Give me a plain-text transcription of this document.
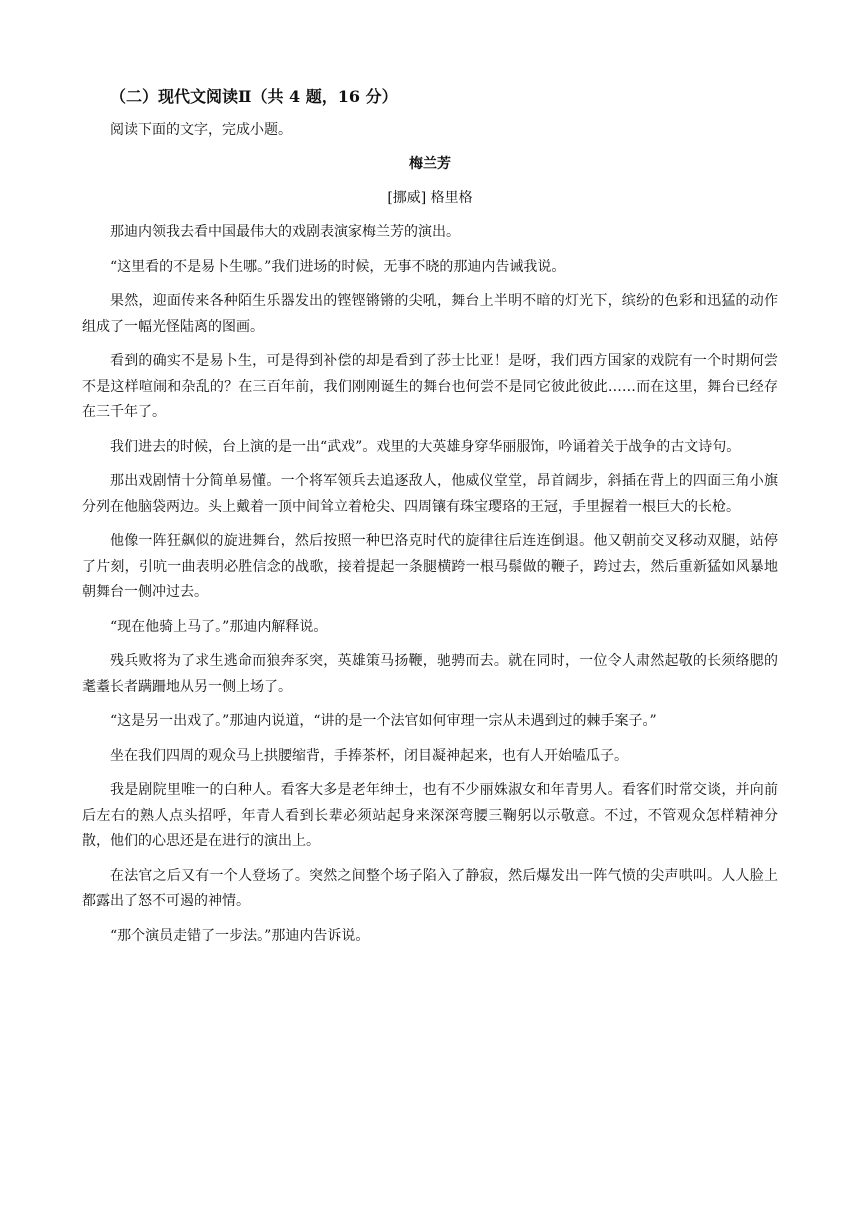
（二）现代文阅读Ⅱ（共 4 题，16 分）
阅读下面的文字，完成小题。
梅兰芳
[挪威] 格里格

那迪内领我去看中国最伟大的戏剧表演家梅兰芳的演出。

“这里看的不是易卜生哪。”我们进场的时候，无事不晓的那迪内告诫我说。

果然，迎面传来各种陌生乐器发出的铿铿锵锵的尖吼，舞台上半明不暗的灯光下，缤纷的色彩和迅猛的动作组成了一幅光怪陆离的图画。

看到的确实不是易卜生，可是得到补偿的却是看到了莎士比亚！是呀，我们西方国家的戏院有一个时期何尝不是这样喧闹和杂乱的？在三百年前，我们刚刚诞生的舞台也何尝不是同它彼此彼此……而在这里，舞台已经存在三千年了。

我们进去的时候，台上演的是一出“武戏”。戏里的大英雄身穿华丽服饰，吟诵着关于战争的古文诗句。

那出戏剧情十分简单易懂。一个将军领兵去追逐敌人，他威仪堂堂，昂首阔步，斜插在背上的四面三角小旗分列在他脑袋两边。头上戴着一顶中间耸立着枪尖、四周镶有珠宝璎珞的王冠，手里握着一根巨大的长枪。

他像一阵狂飙似的旋进舞台，然后按照一种巴洛克时代的旋律往后连连倒退。他又朝前交叉移动双腿，站停了片刻，引吭一曲表明必胜信念的战歌，接着提起一条腿横跨一根马鬃做的鞭子，跨过去，然后重新猛如风暴地朝舞台一侧冲过去。

“现在他骑上马了。”那迪内解释说。

残兵败将为了求生逃命而狼奔豕突，英雄策马扬鞭，驰骋而去。就在同时，一位令人肃然起敬的长须络腮的耄耋长者蹒跚地从另一侧上场了。

“这是另一出戏了。”那迪内说道，“讲的是一个法官如何审理一宗从未遇到过的棘手案子。”

坐在我们四周的观众马上拱腰缩背，手捧茶杯，闭目凝神起来，也有人开始嗑瓜子。

我是剧院里唯一的白种人。看客大多是老年绅士，也有不少丽姝淑女和年青男人。看客们时常交谈，并向前后左右的熟人点头招呼，年青人看到长辈必须站起身来深深弯腰三鞠躬以示敬意。不过，不管观众怎样精神分散，他们的心思还是在进行的演出上。

在法官之后又有一个人登场了。突然之间整个场子陷入了静寂，然后爆发出一阵气愤的尖声哄叫。人人脸上都露出了怒不可遏的神情。

“那个演员走错了一步法。”那迪内告诉说。
